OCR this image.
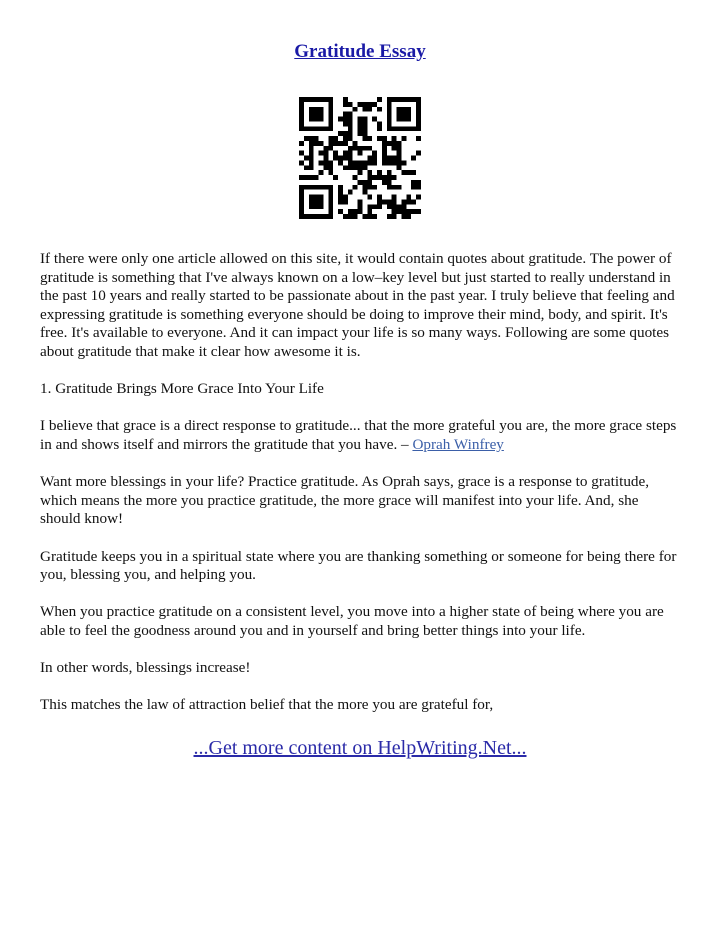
Gratitude Essay

If there were only one article allowed on this site, it would contain quotes about gratitude. The power of gratitude is something that I've always known on a low–key level but just started to really understand in the past 10 years and really started to be passionate about in the past year. I truly believe that feeling and expressing gratitude is something everyone should be doing to improve their mind, body, and spirit. It's free. It's available to everyone. And it can impact your life is so many ways. Following are some quotes about gratitude that make it clear how awesome it is.

1. Gratitude Brings More Grace Into Your Life

I believe that grace is a direct response to gratitude... that the more grateful you are, the more grace steps in and shows itself and mirrors the gratitude that you have. – Oprah Winfrey

Want more blessings in your life? Practice gratitude. As Oprah says, grace is a response to gratitude, which means the more you practice gratitude, the more grace will manifest into your life. And, she should know!

Gratitude keeps you in a spiritual state where you are thanking something or someone for being there for you, blessing you, and helping you.

When you practice gratitude on a consistent level, you move into a higher state of being where you are able to feel the goodness around you and in yourself and bring better things into your life.

In other words, blessings increase!

This matches the law of attraction belief that the more you are grateful for,

...Get more content on HelpWriting.Net...
